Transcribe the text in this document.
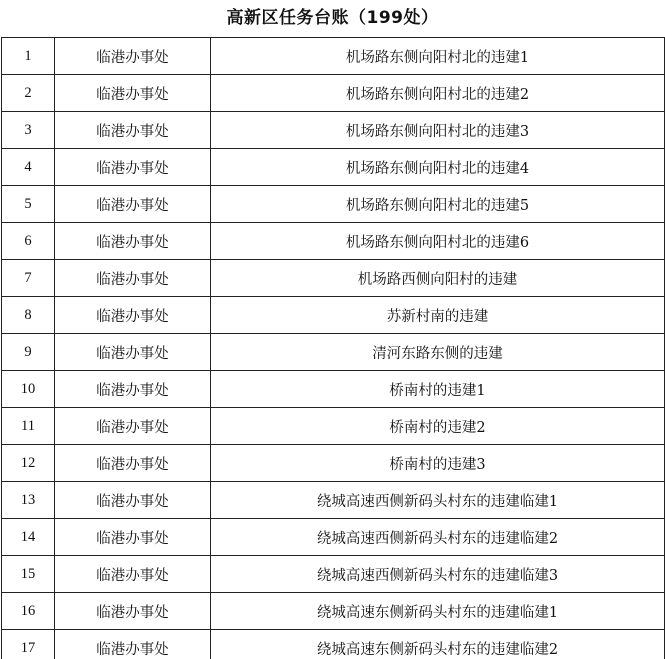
高新区任务台账（199处）
1	临港办事处	机场路东侧向阳村北的违建1
2	临港办事处	机场路东侧向阳村北的违建2
3	临港办事处	机场路东侧向阳村北的违建3
4	临港办事处	机场路东侧向阳村北的违建4
5	临港办事处	机场路东侧向阳村北的违建5
6	临港办事处	机场路东侧向阳村北的违建6
7	临港办事处	机场路西侧向阳村的违建
8	临港办事处	苏新村南的违建
9	临港办事处	清河东路东侧的违建
10	临港办事处	桥南村的违建1
11	临港办事处	桥南村的违建2
12	临港办事处	桥南村的违建3
13	临港办事处	绕城高速西侧新码头村东的违建临建1
14	临港办事处	绕城高速西侧新码头村东的违建临建2
15	临港办事处	绕城高速西侧新码头村东的违建临建3
16	临港办事处	绕城高速东侧新码头村东的违建临建1
17	临港办事处	绕城高速东侧新码头村东的违建临建2
